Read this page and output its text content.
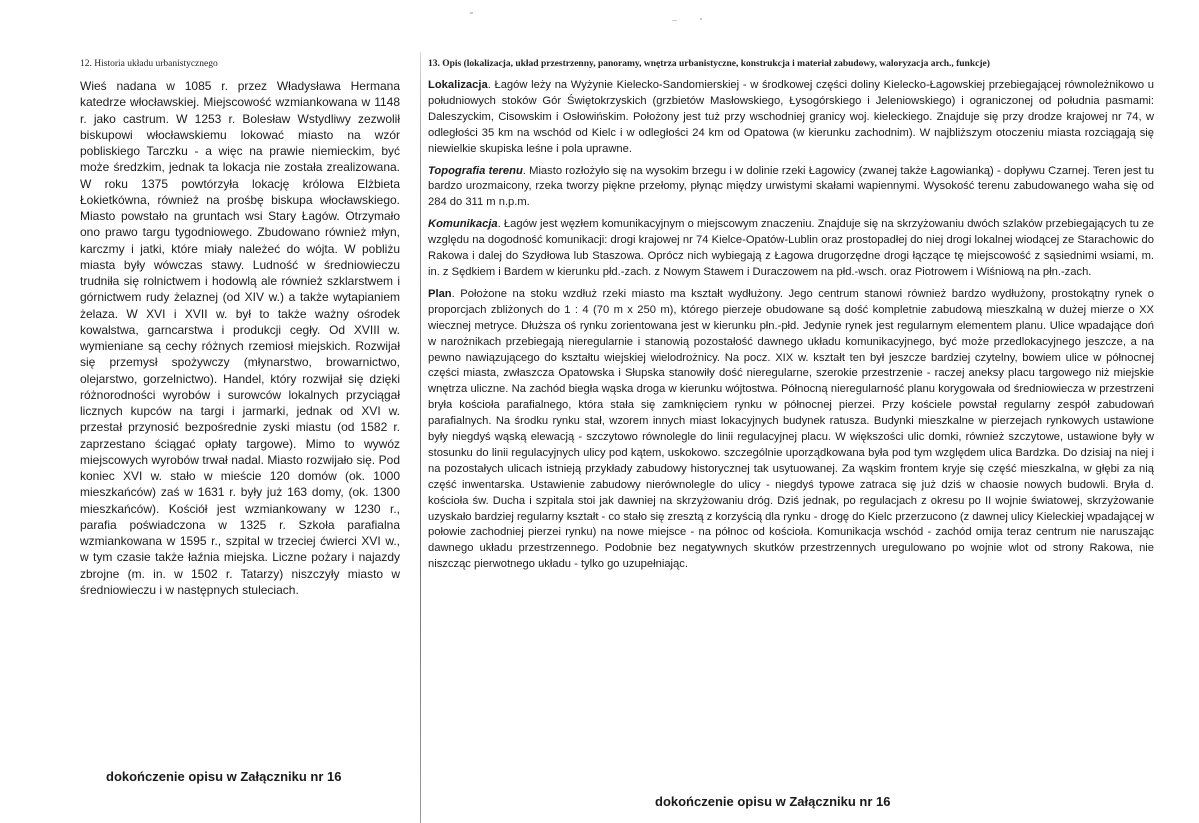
12. Historia układu urbanistycznego
Wieś nadana w 1085 r. przez Władysława Hermana katedrze włocławskiej. Miejscowość wzmiankowana w 1148 r. jako castrum. W 1253 r. Bolesław Wstydliwy zezwolił biskupowi włocławskiemu lokować miasto na wzór pobliskiego Tarczku - a więc na prawie niemieckim, być może średzkim, jednak ta lokacja nie została zrealizowana. W roku 1375 powtórzyła lokację królowa Elżbieta Łokietkówna, również na prośbę biskupa włocławskiego. Miasto powstało na gruntach wsi Stary Łagów. Otrzymało ono prawo targu tygodniowego. Zbudowano również młyn, karczmy i jatki, które miały należeć do wójta. W pobliżu miasta były wówczas stawy. Ludność w średniowieczu trudniła się rolnictwem i hodowlą ale również szklarstwem i górnictwem rudy żelaznej (od XIV w.) a także wytapianiem żelaza. W XVI i XVII w. był to także ważny ośrodek kowalstwa, garncarstwa i produkcji cegły. Od XVIII w. wymieniane są cechy różnych rzemiosł miejskich. Rozwijał się przemysł spożywczy (młynarstwo, browarnictwo, olejarstwo, gorzelnictwo). Handel, który rozwijał się dzięki różnorodności wyrobów i surowców lokalnych przyciągał licznych kupców na targi i jarmarki, jednak od XVI w. przestał przynosić bezpośrednie zyski miastu (od 1582 r. zaprzestano ściągać opłaty targowe). Mimo to wywóz miejscowych wyrobów trwał nadal. Miasto rozwijało się. Pod koniec XVI w. stało w mieście 120 domów (ok. 1000 mieszkańców) zaś w 1631 r. były już 163 domy, (ok. 1300 mieszkańców). Kościół jest wzmiankowany w 1230 r., parafia poświadczona w 1325 r. Szkoła parafialna wzmiankowana w 1595 r., szpital w trzeciej ćwierci XVI w., w tym czasie także łaźnia miejska. Liczne pożary i najazdy zbrojne (m. in. w 1502 r. Tatarzy) niszczyły miasto w średniowieczu i w następnych stuleciach.
13. Opis (lokalizacja, układ przestrzenny, panoramy, wnętrza urbanistyczne, konstrukcja i materiał zabudowy, waloryzacja arch., funkcje)

Lokalizacja. Łagów leży na Wyżynie Kielecko-Sandomierskiej - w środkowej części doliny Kielecko-Łagowskiej przebiegającej równoleżnikowo u południowych stoków Gór Świętokrzyskich (grzbietów Masłowskiego, Łysogórskiego i Jeleniowskiego) i ograniczonej od południa pasmami: Daleszyckim, Cisowskim i Osłowińskim. Położony jest tuż przy wschodniej granicy woj. kieleckiego. Znajduje się przy drodze krajowej nr 74, w odległości 35 km na wschód od Kielc i w odległości 24 km od Opatowa (w kierunku zachodnim). W najbliższym otoczeniu miasta rozciągają się niewielkie skupiska leśne i pola uprawne.

Topografia terenu. Miasto rozłożyło się na wysokim brzegu i w dolinie rzeki Łagowicy (zwanej także Łagowianką) - dopływu Czarnej. Teren jest tu bardzo urozmaicony, rzeka tworzy piękne przełomy, płynąc między urwistymi skałami wapiennymi. Wysokość terenu zabudowanego waha się od 284 do 311 m n.p.m.

Komunikacja. Łagów jest węzłem komunikacyjnym o miejscowym znaczeniu. Znajduje się na skrzyżowaniu dwóch szlaków przebiegających tu ze względu na dogodność komunikacji: drogi krajowej nr 74 Kielce-Opatów-Lublin oraz prostopadłej do niej drogi lokalnej wiodącej ze Starachowic do Rakowa i dalej do Szydłowa lub Staszowa. Oprócz nich wybiegają z Łagowa drugorzędne drogi łączące tę miejscowość z sąsiednimi wsiami, m. in. z Sędkiem i Bardem w kierunku płd.-zach. z Nowym Stawem i Duraczowem na płd.-wsch. oraz Piotrowem i Wiśniową na płn.-zach.

Plan. Położone na stoku wzdłuż rzeki miasto ma kształt wydłużony. Jego centrum stanowi również bardzo wydłużony, prostokątny rynek o proporcjach zbliżonych do 1 : 4 (70 m x 250 m), którego pierzeje obudowane są dość kompletnie zabudową mieszkalną w dużej mierze o XX wiecznej metryce. Dłuższa oś rynku zorientowana jest w kierunku płn.-płd. Jedynie rynek jest regularnym elementem planu. Ulice wpadające doń w narożnikach przebiegają nieregularnie i stanowią pozostałość dawnego układu komunikacyjnego, być może przedlokacyjnego jeszcze, a na pewno nawiązującego do kształtu wiejskiej wielodrożnicy. Na pocz. XIX w. kształt ten był jeszcze bardziej czytelny, bowiem ulice w północnej części miasta, zwłaszcza Opatowska i Słupska stanowiły dość nieregularne, szerokie przestrzenie - raczej aneksy placu targowego niż miejskie wnętrza uliczne. Na zachód biegła wąska droga w kierunku wójtostwa. Północną nieregularność planu korygowała od średniowiecza w przestrzeni bryła kościoła parafialnego, która stała się zamknięciem rynku w północnej pierzei. Przy kościele powstał regularny zespół zabudowań parafialnych. Na środku rynku stał, wzorem innych miast lokacyjnych budynek ratusza. Budynki mieszkalne w pierzejach rynkowych ustawione były niegdyś wąską elewacją - szczytowo równolegle do linii regulacyjnej placu. W większości ulic domki, również szczytowe, ustawione były w stosunku do linii regulacyjnych ulicy pod kątem, uskokowo. szczególnie uporządkowana była pod tym względem ulica Bardzka. Do dzisiaj na niej i na pozostałych ulicach istnieją przykłady zabudowy historycznej tak usytuowanej. Za wąskim frontem kryje się część mieszkalna, w głębi za nią część inwentarska. Ustawienie zabudowy nierównolegle do ulicy - niegdyś typowe zatraca się już dziś w chaosie nowych budowli. Bryła d. kościoła św. Ducha i szpitala stoi jak dawniej na skrzyżowaniu dróg. Dziś jednak, po regulacjach z okresu po II wojnie światowej, skrzyżowanie uzyskało bardziej regularny kształt - co stało się zresztą z korzyścią dla rynku - drogę do Kielc przerzucono (z dawnej ulicy Kieleckiej wpadającej w połowie zachodniej pierzei rynku) na nowe miejsce - na północ od kościoła. Komunikacja wschód - zachód omija teraz centrum nie naruszając dawnego układu przestrzennego. Podobnie bez negatywnych skutków przestrzennych uregulowano po wojnie wlot od strony Rakowa, nie niszcząc pierwotnego układu - tylko go uzupełniając.

dokończenie opisu w Załączniku nr 16
dokończenie opisu w Załączniku nr 16
